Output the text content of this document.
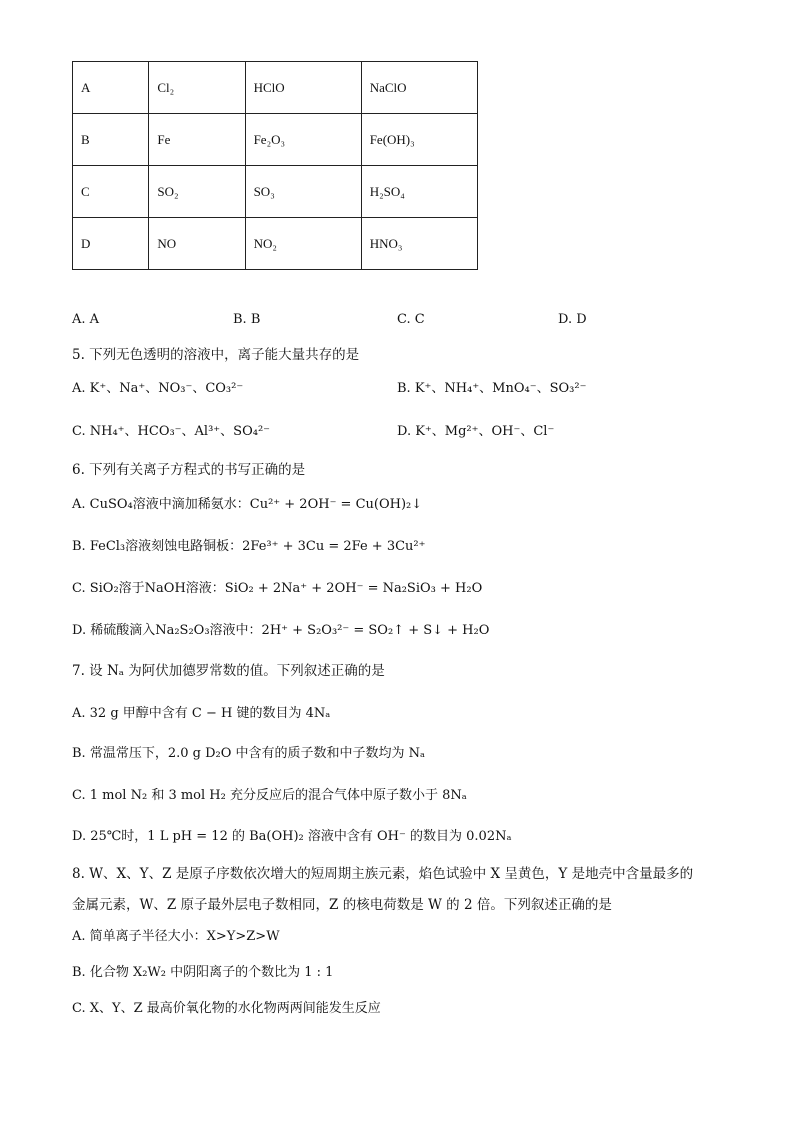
A	Cl₂	HClO	NaClO
B	Fe	Fe₂O₃	Fe(OH)₃
C	SO₂	SO₃	H₂SO₄
D	NO	NO₂	HNO₃
A. A	B. B	C. C	D. D
5. 下列无色透明的溶液中，离子能大量共存的是
A. K⁺、Na⁺、NO₃⁻、CO₃²⁻	B. K⁺、NH₄⁺、MnO₄⁻、SO₃²⁻
C. NH₄⁺、HCO₃⁻、Al³⁺、SO₄²⁻	D. K⁺、Mg²⁺、OH⁻、Cl⁻
6. 下列有关离子方程式的书写正确的是
A. CuSO₄溶液中滴加稀氨水：Cu²⁺ + 2OH⁻ = Cu(OH)₂↓
B. FeCl₃溶液刻蚀电路铜板：2Fe³⁺ + 3Cu = 2Fe + 3Cu²⁺
C. SiO₂溶于NaOH溶液：SiO₂ + 2Na⁺ + 2OH⁻ = Na₂SiO₃ + H₂O
D. 稀硫酸滴入Na₂S₂O₃溶液中：2H⁺ + S₂O₃²⁻ = SO₂↑ + S↓ + H₂O
7. 设 Nₐ 为阿伏加德罗常数的值。下列叙述正确的是
A. 32 g 甲醇中含有 C − H 键的数目为 4Nₐ
B. 常温常压下，2.0 g D₂O 中含有的质子数和中子数均为 Nₐ
C. 1 mol N₂ 和 3 mol H₂ 充分反应后的混合气体中原子数小于 8Nₐ
D. 25℃时，1 L pH = 12 的 Ba(OH)₂ 溶液中含有 OH⁻ 的数目为 0.02Nₐ
8. W、X、Y、Z 是原子序数依次增大的短周期主族元素，焰色试验中 X 呈黄色，Y 是地壳中含量最多的
金属元素，W、Z 原子最外层电子数相同，Z 的核电荷数是 W 的 2 倍。下列叙述正确的是
A. 简单离子半径大小：X>Y>Z>W
B. 化合物 X₂W₂ 中阴阳离子的个数比为 1 : 1
C. X、Y、Z 最高价氧化物的水化物两两间能发生反应
